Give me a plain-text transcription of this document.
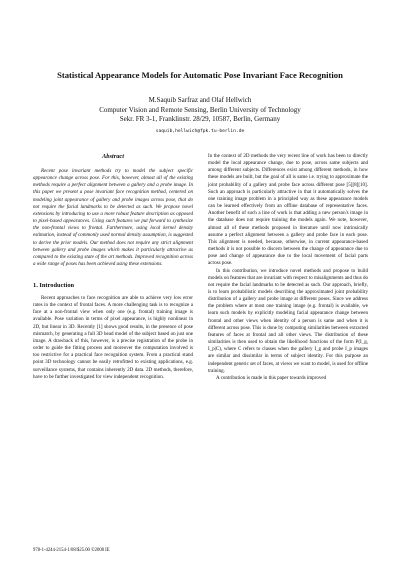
Statistical Appearance Models for Automatic Pose Invariant Face Recognition
M.Saquib Sarfraz and Olaf Hellwich
Computer Vision and Remote Sensing, Berlin University of Technology
Sekr. FR 3-1, Franklinstr. 28/29, 10587, Berlin, Germany
saquib,hellwich@fpk.tu-berlin.de
Abstract

Recent pose invariant methods try to model the subject specific appearance change across pose. For this, however, almost all of the existing methods require a perfect alignment between a gallery and a probe image. In this paper we present a pose invariant face recognition method, centered on modeling joint appearance of gallery and probe images across pose, that do not require the facial landmarks to be detected as such. We propose novel extensions by introducing to use a more robust feature description as opposed to pixel-based appearances. Using such features we put forward to synthesize the non-frontal views to frontal. Furthermore, using local kernel density estimation, instead of commonly used normal density assumption, is suggested to derive the prior models. Our method does not require any strict alignment between gallery and probe images which makes it particularly attractive as compared to the existing state of the art methods. Improved recognition across a wide range of poses has been achieved using these extensions.

1. Introduction

Recent approaches to face recognition are able to achieve very low error rates in the context of frontal faces. A more challenging task is to recognize a face at a non-frontal view when only one (e.g. frontal) training image is available. Pose variation in terms of pixel appearance, is highly nonlinear in 2D, but linear in 3D. Recently [1] shows good results, in the presence of pose mismatch, by generating a full 3D head model of the subject based on just one image. A drawback of this, however, is a precise registration of the probe in order to guide the fitting process and moreover the computation involved is too restrictive for a practical face recognition system. From a practical stand point 3D technology cannot be easily retrofitted to existing applications, e.g. surveillance systems, that contains inherently 2D data. 2D methods, therefore, have to be further investigated for view independent recognition.

In the context of 2D methods the very recent line of work has been to directly model the local appearance change, due to pose, across same subjects and among different subjects. Differences exist among different methods, in how these models are built, but the goal of all is same i.e. trying to approximate the joint probability of a gallery and probe face across different pose [5][8][10]. Such an approach is particularly attractive in that it automatically solves the one training image problem in a principled way as these appearance models can be learned effectively from an offline database of representative faces. Another benefit of such a line of work is that adding a new person's image in the database does not require training the models again. We note, however, almost all of these methods proposed in literature until now intrinsically assume a perfect alignment between a gallery and probe face in each pose. This alignment is needed, because, otherwise, in current appearance-based methods it is not possible to discern between the change of appearance due to pose and change of appearance due to the local movement of facial parts across pose.

In this contribution, we introduce novel methods and propose to build models on features that are invariant with respect to misalignments and thus do not require the facial landmarks to be detected as such. Our approach, briefly, is to learn probabilistic models describing the approximated joint probability distribution of a gallery and probe image at different poses. Since we address the problem where at most one training image (e.g. frontal) is available, we learn such models by explicitly modeling facial appearance change between frontal and other views when identity of a person is same and when it is different across pose. This is done by computing similarities between extracted features of faces at frontal and all other views. The distribution of these similarities is then used to obtain the likelihood functions of the form P(I_g, I_p|C), where C refers to classes when the gallery I_g and probe I_p images are similar and dissimilar in terms of subject identity. For this purpose an independent generic set of faces, at views we want to model, is used for offline training.

A contribution is made in this paper towards improved

978-1-4244-2154-1/08/$25.00 ©2008 IE
